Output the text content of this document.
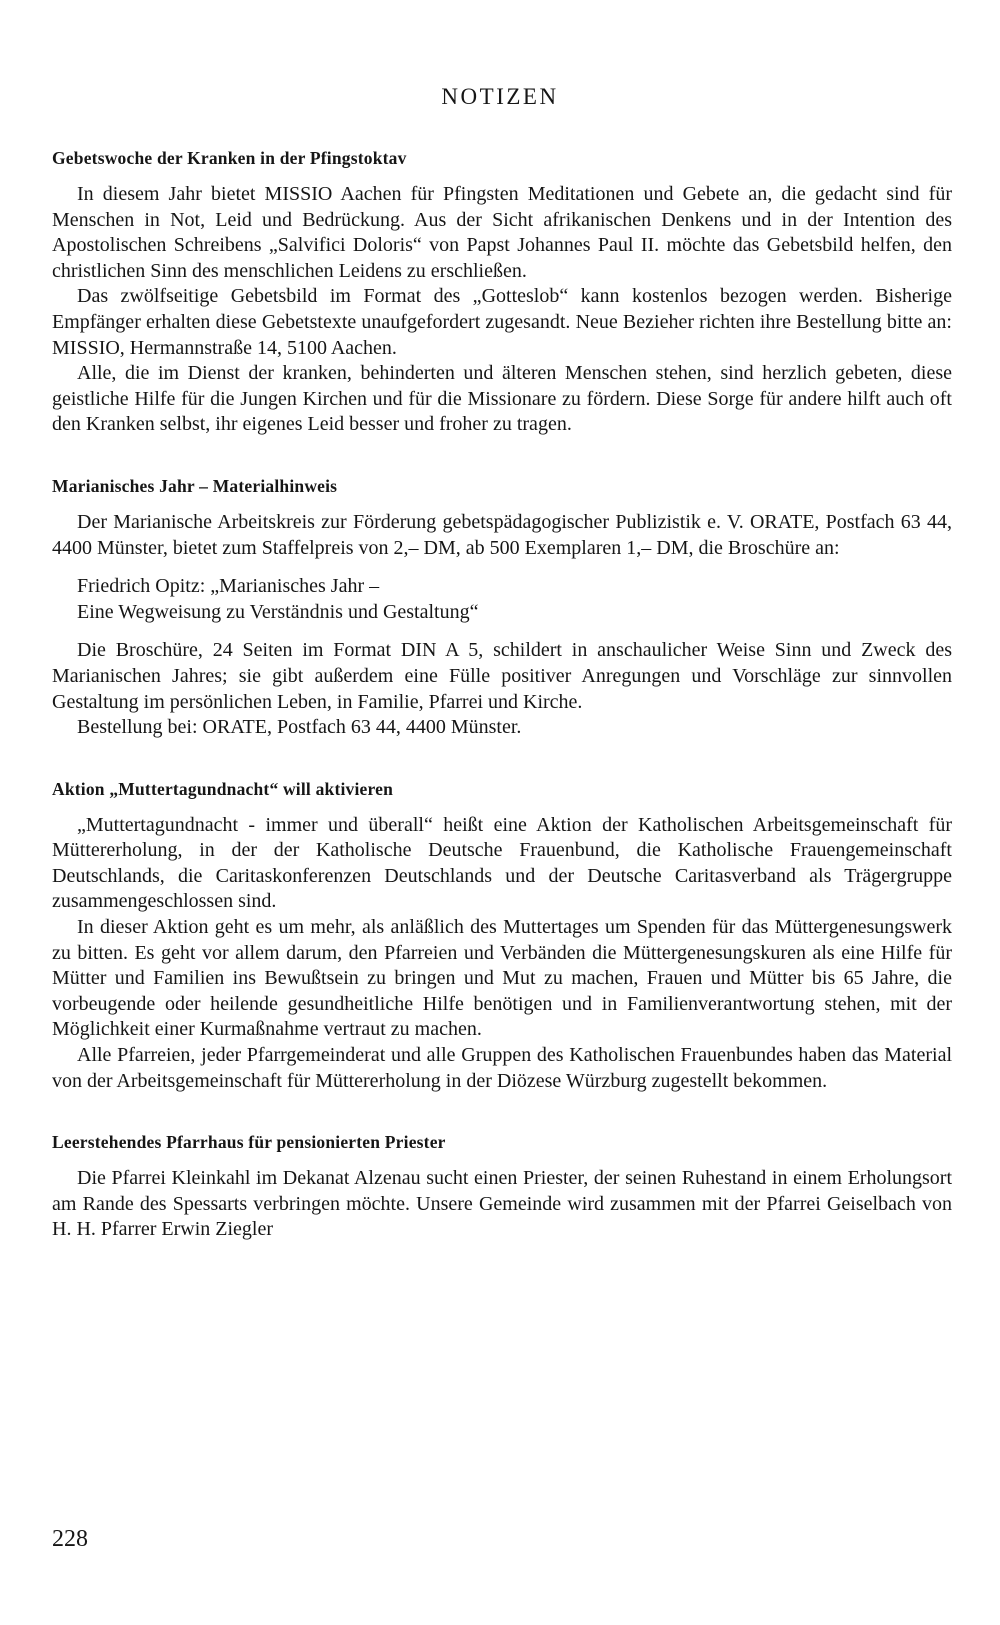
NOTIZEN
Gebetswoche der Kranken in der Pfingstoktav

In diesem Jahr bietet MISSIO Aachen für Pfingsten Meditationen und Gebete an, die gedacht sind für Menschen in Not, Leid und Bedrückung. Aus der Sicht afrikanischen Denkens und in der Intention des Apostolischen Schreibens „Salvifici Doloris“ von Papst Johannes Paul II. möchte das Gebetsbild helfen, den christlichen Sinn des menschlichen Leidens zu erschließen.

Das zwölfseitige Gebetsbild im Format des „Gotteslob“ kann kostenlos bezogen werden. Bisherige Empfänger erhalten diese Gebetstexte unaufgefordert zugesandt. Neue Bezieher richten ihre Bestellung bitte an: MISSIO, Hermannstraße 14, 5100 Aachen.

Alle, die im Dienst der kranken, behinderten und älteren Menschen stehen, sind herzlich gebeten, diese geistliche Hilfe für die Jungen Kirchen und für die Missionare zu fördern. Diese Sorge für andere hilft auch oft den Kranken selbst, ihr eigenes Leid besser und froher zu tragen.

Marianisches Jahr – Materialhinweis

Der Marianische Arbeitskreis zur Förderung gebetspädagogischer Publizistik e. V. ORATE, Postfach 63 44, 4400 Münster, bietet zum Staffelpreis von 2,– DM, ab 500 Exemplaren 1,– DM, die Broschüre an:

Friedrich Opitz: „Marianisches Jahr –
Eine Wegweisung zu Verständnis und Gestaltung“

Die Broschüre, 24 Seiten im Format DIN A 5, schildert in anschaulicher Weise Sinn und Zweck des Marianischen Jahres; sie gibt außerdem eine Fülle positiver Anregungen und Vorschläge zur sinnvollen Gestaltung im persönlichen Leben, in Familie, Pfarrei und Kirche.

Bestellung bei: ORATE, Postfach 63 44, 4400 Münster.

Aktion „Muttertagundnacht“ will aktivieren

„Muttertagundnacht - immer und überall“ heißt eine Aktion der Katholischen Arbeitsgemeinschaft für Müttererholung, in der der Katholische Deutsche Frauenbund, die Katholische Frauengemeinschaft Deutschlands, die Caritaskonferenzen Deutschlands und der Deutsche Caritasverband als Trägergruppe zusammengeschlossen sind.

In dieser Aktion geht es um mehr, als anläßlich des Muttertages um Spenden für das Müttergenesungswerk zu bitten. Es geht vor allem darum, den Pfarreien und Verbänden die Müttergenesungskuren als eine Hilfe für Mütter und Familien ins Bewußtsein zu bringen und Mut zu machen, Frauen und Mütter bis 65 Jahre, die vorbeugende oder heilende gesundheitliche Hilfe benötigen und in Familienverantwortung stehen, mit der Möglichkeit einer Kurmaßnahme vertraut zu machen.

Alle Pfarreien, jeder Pfarrgemeinderat und alle Gruppen des Katholischen Frauenbundes haben das Material von der Arbeitsgemeinschaft für Müttererholung in der Diözese Würzburg zugestellt bekommen.

Leerstehendes Pfarrhaus für pensionierten Priester

Die Pfarrei Kleinkahl im Dekanat Alzenau sucht einen Priester, der seinen Ruhestand in einem Erholungsort am Rande des Spessarts verbringen möchte. Unsere Gemeinde wird zusammen mit der Pfarrei Geiselbach von H. H. Pfarrer Erwin Ziegler

228
